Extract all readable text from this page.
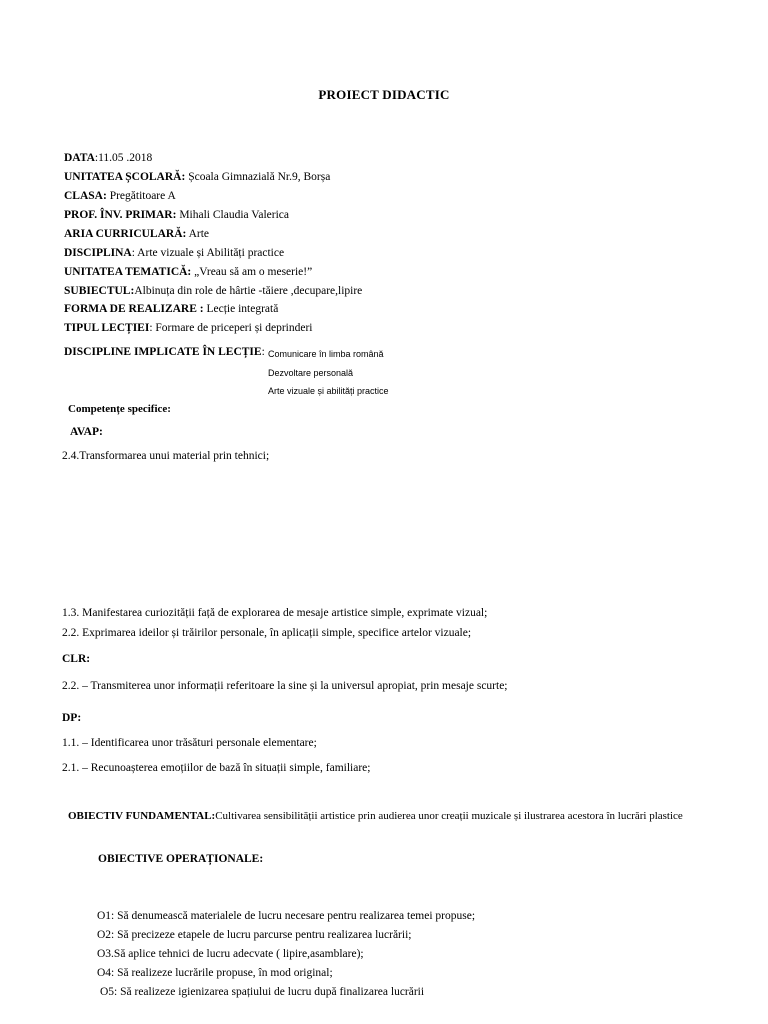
PROIECT DIDACTIC
DATA:11.05 .2018
UNITATEA ȘCOLARĂ: Școala Gimnazială Nr.9, Borșa
CLASA: Pregătitoare A
PROF. ÎNV. PRIMAR: Mihali Claudia Valerica
ARIA CURRICULARĂ: Arte
DISCIPLINA: Arte vizuale și Abilități practice
UNITATEA TEMATICĂ: „Vreau să am o meserie!”
SUBIECTUL:Albinuța din role de hârtie -tăiere ,decupare,lipire
FORMA DE REALIZARE : Lecție integrată
TIPUL LECȚIEI: Formare de priceperi și deprinderi
DISCIPLINE IMPLICATE ÎN LECȚIE: Comunicare în limba română
Dezvoltare personală
Arte vizuale și abilități practice
Competențe specifice:
AVAP:
2.4.Transformarea unui material prin tehnici;
1.3. Manifestarea curiozității față de explorarea de mesaje artistice simple, exprimate vizual;
2.2. Exprimarea ideilor și trăirilor personale, în aplicații simple, specifice artelor vizuale;
CLR:
2.2. – Transmiterea unor informații referitoare la sine și la universul apropiat, prin mesaje scurte;
DP:
1.1. – Identificarea unor trăsături personale elementare;
2.1. – Recunoașterea emoțiilor de bază în situații simple, familiare;
OBIECTIV FUNDAMENTAL:Cultivarea sensibilității artistice prin audierea unor creații muzicale și ilustrarea acestora în lucrări plastice
OBIECTIVE OPERAȚIONALE:
O1: Să denumească materialele de lucru necesare pentru realizarea temei propuse;
O2: Să precizeze etapele de lucru parcurse pentru realizarea lucrării;
O3.Să aplice tehnici de lucru adecvate ( lipire,asamblare);
O4: Să realizeze lucrările propuse, în mod original;
O5: Să realizeze igienizarea spațiului de lucru după finalizarea lucrării
